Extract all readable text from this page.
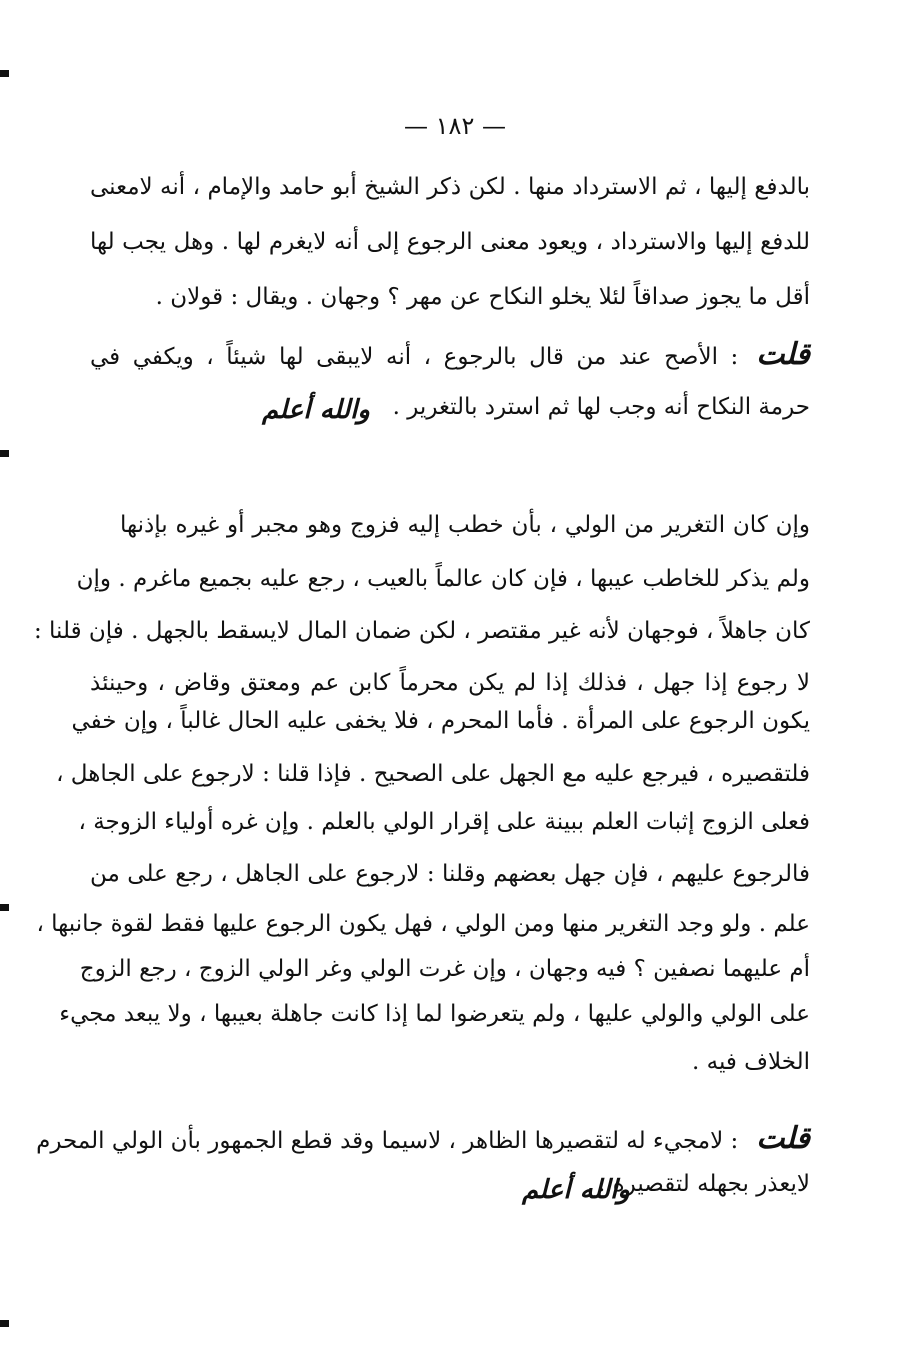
— ١٨٢ —
بالدفع إليها ، ثم الاسترداد منها . لكن ذكر الشيخ أبو حامد والإمام ، أنه لامعنى
للدفع إليها والاسترداد ، ويعود معنى الرجوع إلى أنه لايغرم لها . وهل يجب لها
أقل ما يجوز صداقاً لئلا يخلو النكاح عن مهر ؟ وجهان . ويقال : قولان .
قلت: الأصح عند من قال بالرجوع ، أنه لايبقى لها شيئاً ، ويكفي في
حرمة النكاح أنه وجب لها ثم استرد بالتغرير .
والله أعلم
وإن كان التغرير من الولي ، بأن خطب إليه فزوج وهو مجبر أو غيره بإذنها
ولم يذكر للخاطب عيبها ، فإن كان عالماً بالعيب ، رجع عليه بجميع ماغرم . وإن
كان جاهلاً ، فوجهان لأنه غير مقتصر ، لكن ضمان المال لايسقط بالجهل . فإن قلنا :
لا رجوع إذا جهل ، فذلك إذا لم يكن محرماً كابن عم ومعتق وقاض ، وحينئذ
يكون الرجوع على المرأة . فأما المحرم ، فلا يخفى عليه الحال غالباً ، وإن خفي
فلتقصيره ، فيرجع عليه مع الجهل على الصحيح . فإذا قلنا : لارجوع على الجاهل ،
فعلى الزوج إثبات العلم ببينة على إقرار الولي بالعلم . وإن غره أولياء الزوجة ،
فالرجوع عليهم ، فإن جهل بعضهم وقلنا : لارجوع على الجاهل ، رجع على من
علم . ولو وجد التغرير منها ومن الولي ، فهل يكون الرجوع عليها فقط لقوة جانبها ،
أم عليهما نصفين ؟ فيه وجهان ، وإن غرت الولي وغر الولي الزوج ، رجع الزوج
على الولي والولي عليها ، ولم يتعرضوا لما إذا كانت جاهلة بعيبها ، ولا يبعد مجيء
الخلاف فيه .
قلت: لامجيء له لتقصيرها الظاهر ، لاسيما وقد قطع الجمهور بأن الولي المحرم
لايعذر بجهله لتقصيره .
والله أعلم
